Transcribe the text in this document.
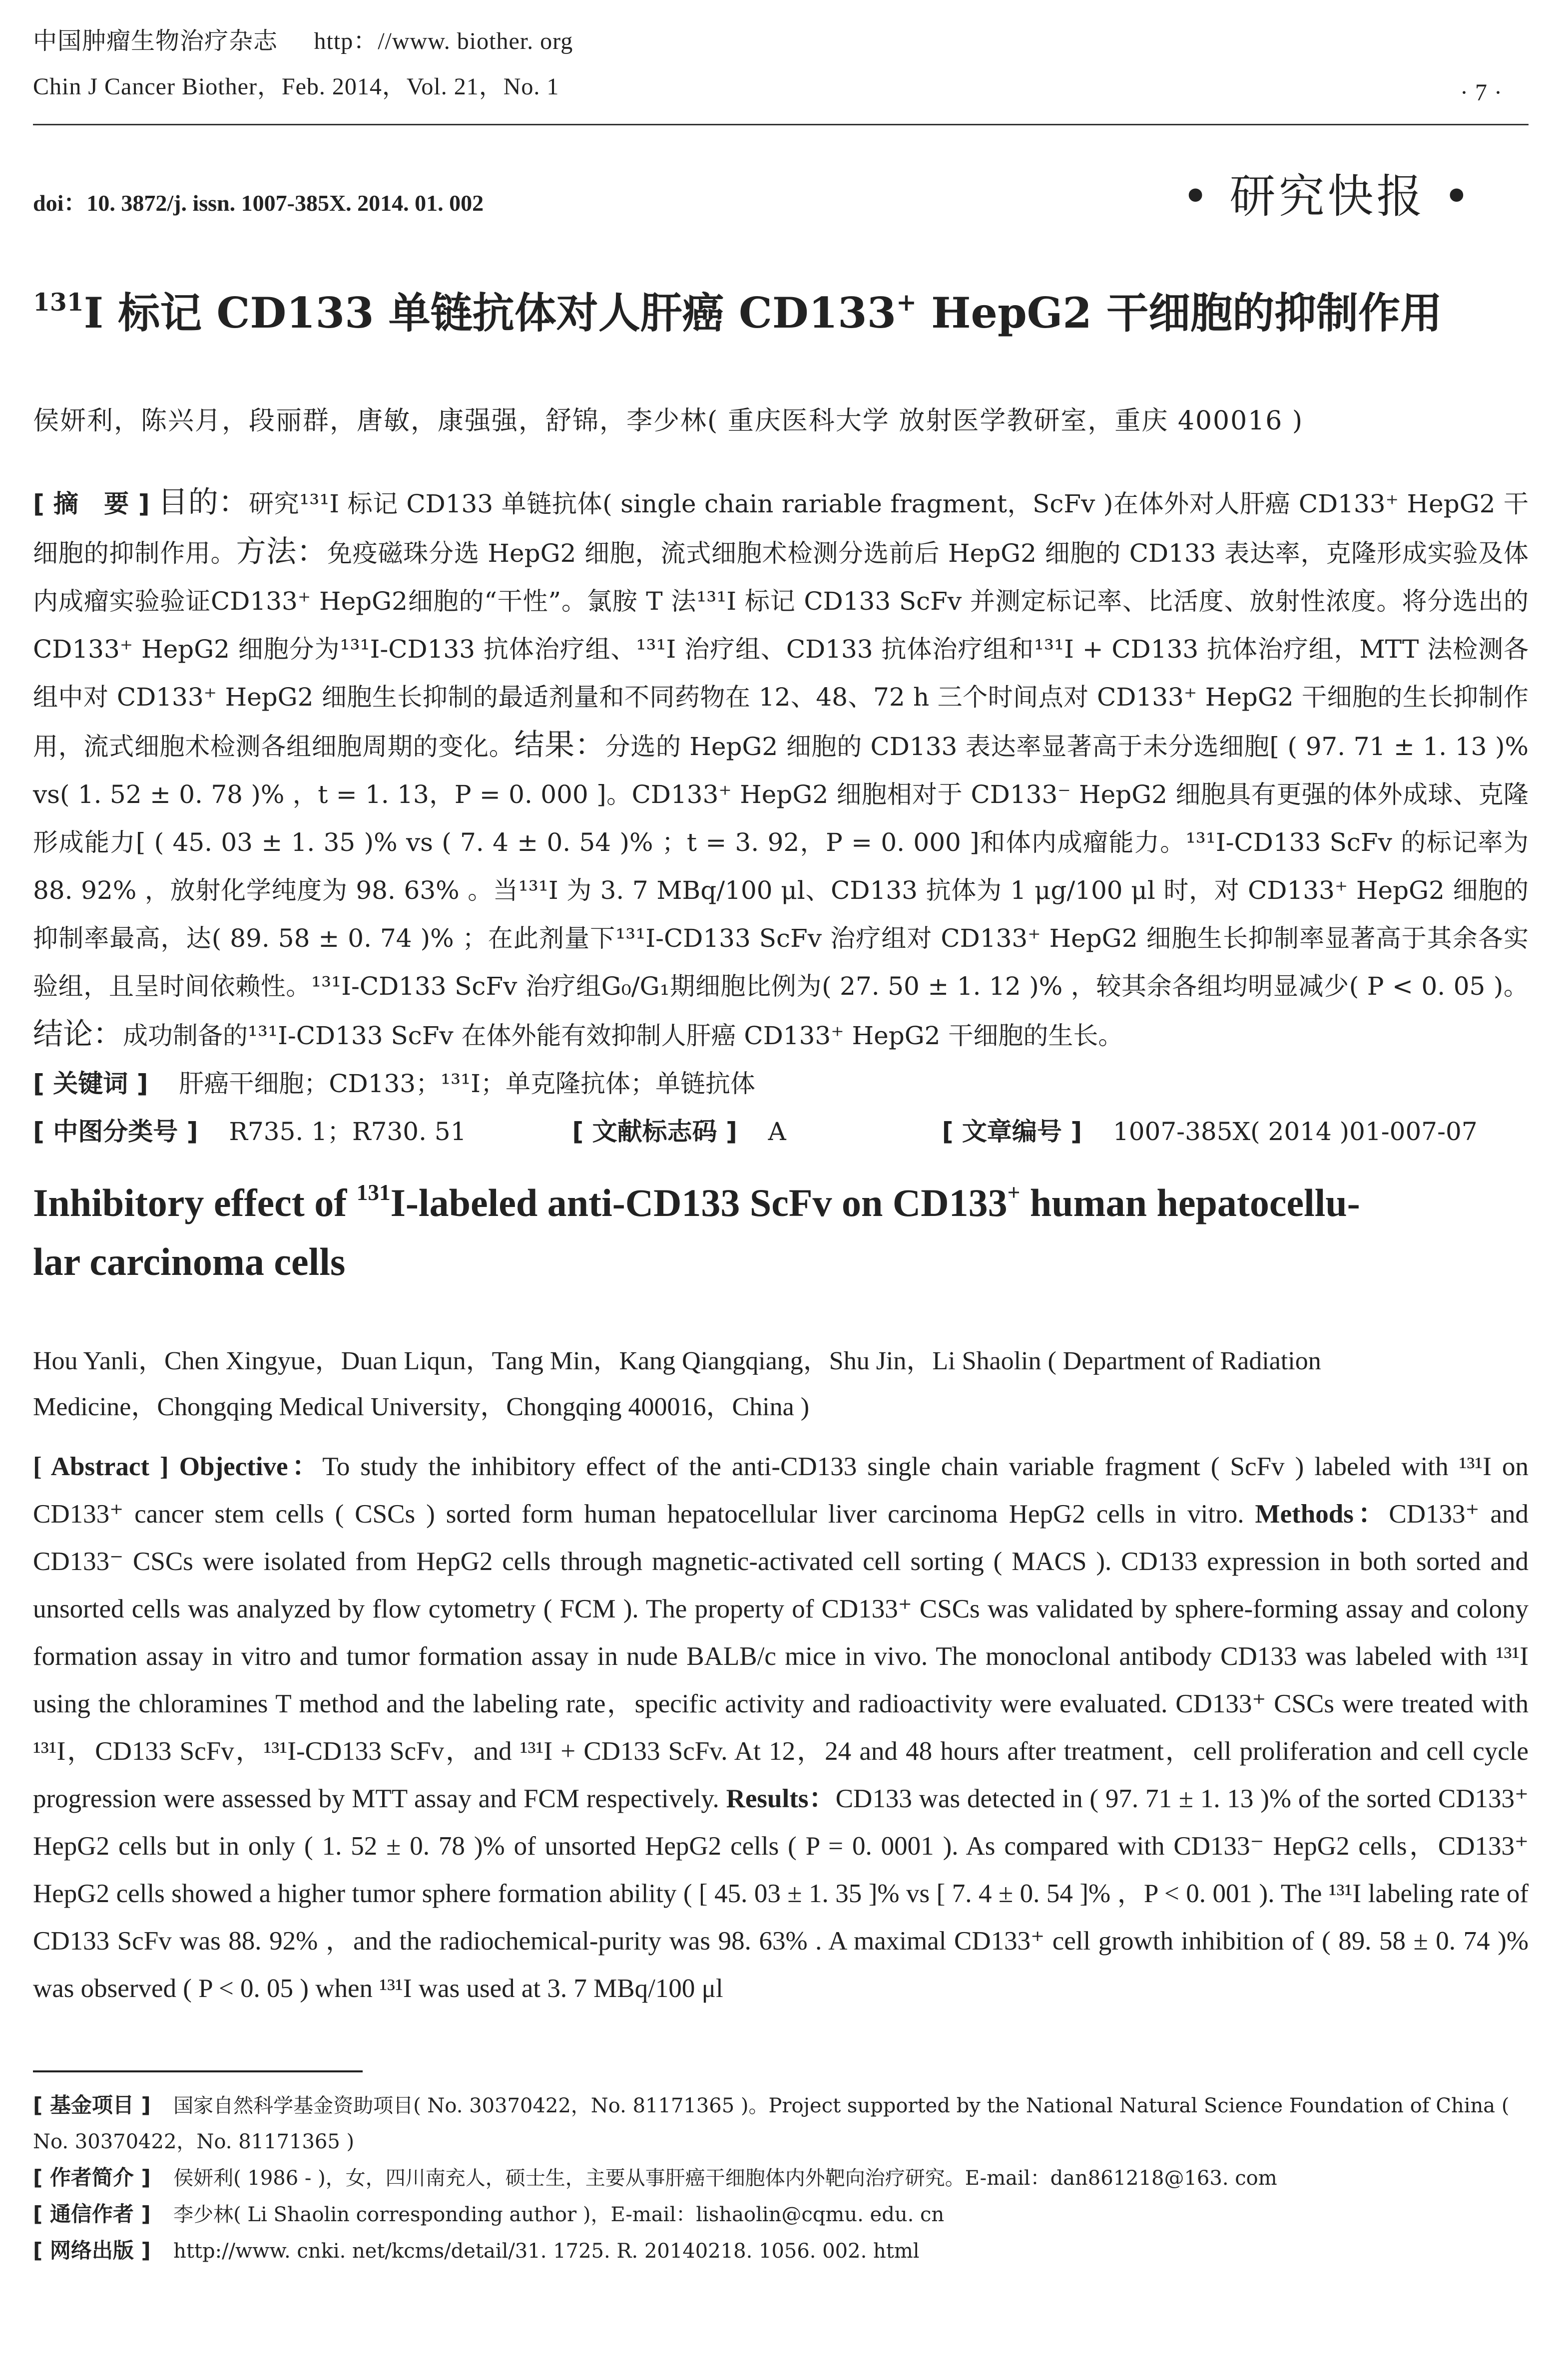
中国肿瘤生物治疗杂志 http：//www. biother. org
Chin J Cancer Biother，Feb. 2014，Vol. 21，No. 1	· 7 ·
doi：10. 3872/j. issn. 1007-385X. 2014. 01. 002	• 研究快报 •
$^{131}$I 标记 CD133 单链抗体对人肝癌 CD133+ HepG2 干细胞的抑制作用
侯妍利，陈兴月，段丽群，唐敏，康强强，舒锦，李少林( 重庆医科大学 放射医学教研室，重庆 400016 )

[ 摘　要 ] 目的：研究¹³¹I 标记 CD133 单链抗体( single chain rariable fragment，ScFv )在体外对人肝癌 CD133⁺ HepG2 干细胞的抑制作用。方法：免疫磁珠分选 HepG2 细胞，流式细胞术检测分选前后 HepG2 细胞的 CD133 表达率，克隆形成实验及体内成瘤实验验证CD133⁺ HepG2细胞的“干性”。氯胺 T 法¹³¹I 标记 CD133 ScFv 并测定标记率、比活度、放射性浓度。将分选出的 CD133⁺ HepG2 细胞分为¹³¹I-CD133 抗体治疗组、¹³¹I 治疗组、CD133 抗体治疗组和¹³¹I + CD133 抗体治疗组，MTT 法检测各组中对 CD133⁺ HepG2 细胞生长抑制的最适剂量和不同药物在 12、48、72 h 三个时间点对 CD133⁺ HepG2 干细胞的生长抑制作用，流式细胞术检测各组细胞周期的变化。结果：分选的 HepG2 细胞的 CD133 表达率显著高于未分选细胞[ ( 97. 71 ± 1. 13 )% vs( 1. 52 ± 0. 78 )% ，t = 1. 13，P = 0. 000 ]。CD133⁺ HepG2 细胞相对于 CD133⁻ HepG2 细胞具有更强的体外成球、克隆形成能力[ ( 45. 03 ± 1. 35 )% vs ( 7. 4 ± 0. 54 )% ；t = 3. 92，P = 0. 000 ]和体内成瘤能力。¹³¹I-CD133 ScFv 的标记率为 88. 92% ，放射化学纯度为 98. 63% 。当¹³¹I 为 3. 7 MBq/100 μl、CD133 抗体为 1 μg/100 μl 时，对 CD133⁺ HepG2 细胞的抑制率最高，达( 89. 58 ± 0. 74 )% ；在此剂量下¹³¹I-CD133 ScFv 治疗组对 CD133⁺ HepG2 细胞生长抑制率显著高于其余各实验组，且呈时间依赖性。¹³¹I-CD133 ScFv 治疗组G₀/G₁期细胞比例为( 27. 50 ± 1. 12 )% ，较其余各组均明显减少( P < 0. 05 )。结论：成功制备的¹³¹I-CD133 ScFv 在体外能有效抑制人肝癌 CD133⁺ HepG2 干细胞的生长。

[ 关键词 ] 肝癌干细胞；CD133；¹³¹I；单克隆抗体；单链抗体

[ 中图分类号 ] R735. 1；R730. 51	[ 文献标志码 ] A	[ 文章编号 ] 1007-385X( 2014 )01-007-07

Inhibitory effect of $^{131}$I-labeled anti-CD133 ScFv on CD133+ human hepatocellu-
lar carcinoma cells
Hou Yanli，Chen Xingyue，Duan Liqun，Tang Min，Kang Qiangqiang，Shu Jin，Li Shaolin ( Department of Radiation
Medicine，Chongqing Medical University，Chongqing 400016，China )

[ Abstract ] Objective：To study the inhibitory effect of the anti-CD133 single chain variable fragment ( ScFv ) labeled with ¹³¹I on CD133⁺ cancer stem cells ( CSCs ) sorted form human hepatocellular liver carcinoma HepG2 cells in vitro. Methods：CD133⁺ and CD133⁻ CSCs were isolated from HepG2 cells through magnetic-activated cell sorting ( MACS ). CD133 expression in both sorted and unsorted cells was analyzed by flow cytometry ( FCM ). The property of CD133⁺ CSCs was validated by sphere-forming assay and colony formation assay in vitro and tumor formation assay in nude BALB/c mice in vivo. The monoclonal antibody CD133 was labeled with ¹³¹I using the chloramines T method and the labeling rate，specific activity and radioactivity were evaluated. CD133⁺ CSCs were treated with ¹³¹I，CD133 ScFv，¹³¹I-CD133 ScFv，and ¹³¹I + CD133 ScFv. At 12，24 and 48 hours after treatment，cell proliferation and cell cycle progression were assessed by MTT assay and FCM respectively. Results：CD133 was detected in ( 97. 71 ± 1. 13 )% of the sorted CD133⁺ HepG2 cells but in only ( 1. 52 ± 0. 78 )% of unsorted HepG2 cells ( P = 0. 0001 ). As compared with CD133⁻ HepG2 cells，CD133⁺ HepG2 cells showed a higher tumor sphere formation ability ( [ 45. 03 ± 1. 35 ]% vs [ 7. 4 ± 0. 54 ]% ，P < 0. 001 ). The ¹³¹I labeling rate of CD133 ScFv was 88. 92% ，and the radiochemical-purity was 98. 63% . A maximal CD133⁺ cell growth inhibition of ( 89. 58 ± 0. 74 )% was observed ( P < 0. 05 ) when ¹³¹I was used at 3. 7 MBq/100 μl

[ 基金项目 ] 国家自然科学基金资助项目( No. 30370422，No. 81171365 )。Project supported by the National Natural Science Foundation of China ( No. 30370422，No. 81171365 )

[ 作者简介 ] 侯妍利( 1986 - )，女，四川南充人，硕士生，主要从事肝癌干细胞体内外靶向治疗研究。E-mail：dan861218@163. com

[ 通信作者 ] 李少林( Li Shaolin corresponding author )，E-mail：lishaolin@cqmu. edu. cn

[ 网络出版 ] http://www. cnki. net/kcms/detail/31. 1725. R. 20140218. 1056. 002. html
